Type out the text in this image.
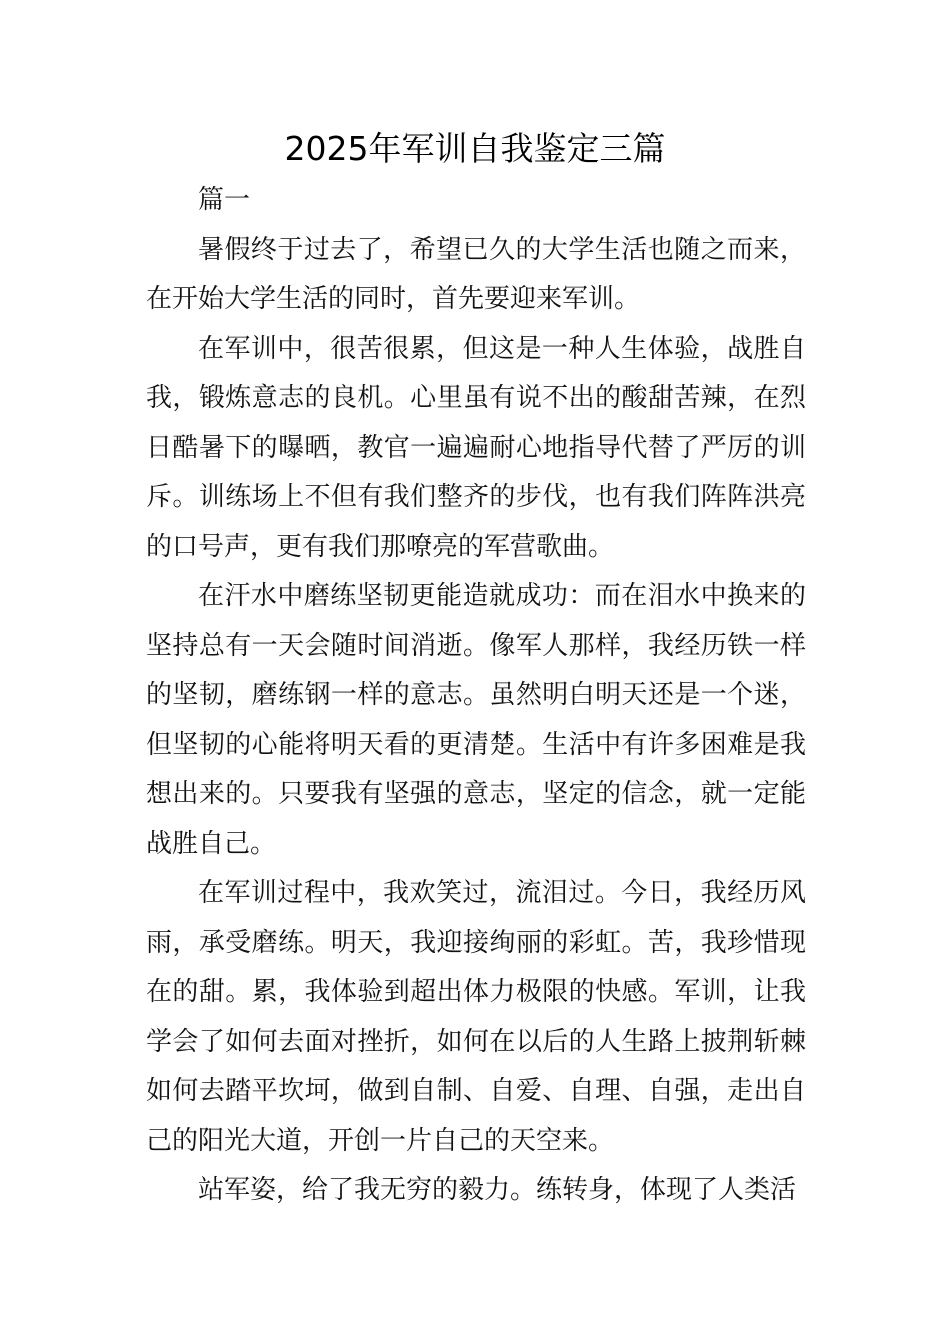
2025年军训自我鉴定三篇

篇一

暑假终于过去了，希望已久的大学生活也随之而来，在开始大学生活的同时，首先要迎来军训。

在军训中，很苦很累，但这是一种人生体验，战胜自我，锻炼意志的良机。心里虽有说不出的酸甜苦辣，在烈日酷暑下的曝晒，教官一遍遍耐心地指导代替了严厉的训斥。训练场上不但有我们整齐的步伐，也有我们阵阵洪亮的口号声，更有我们那嘹亮的军营歌曲。

在汗水中磨练坚韧更能造就成功：而在泪水中换来的坚持总有一天会随时间消逝。像军人那样，我经历铁一样的坚韧，磨练钢一样的意志。虽然明白明天还是一个迷，但坚韧的心能将明天看的更清楚。生活中有许多困难是我想出来的。只要我有坚强的意志，坚定的信念，就一定能战胜自己。

在军训过程中，我欢笑过，流泪过。今日，我经历风雨，承受磨练。明天，我迎接绚丽的彩虹。苦，我珍惜现在的甜。累，我体验到超出体力极限的快感。军训，让我学会了如何去面对挫折，如何在以后的人生路上披荆斩棘如何去踏平坎坷，做到自制、自爱、自理、自强，走出自己的阳光大道，开创一片自己的天空来。

站军姿，给了我无穷的毅力。练转身，体现了人类活
